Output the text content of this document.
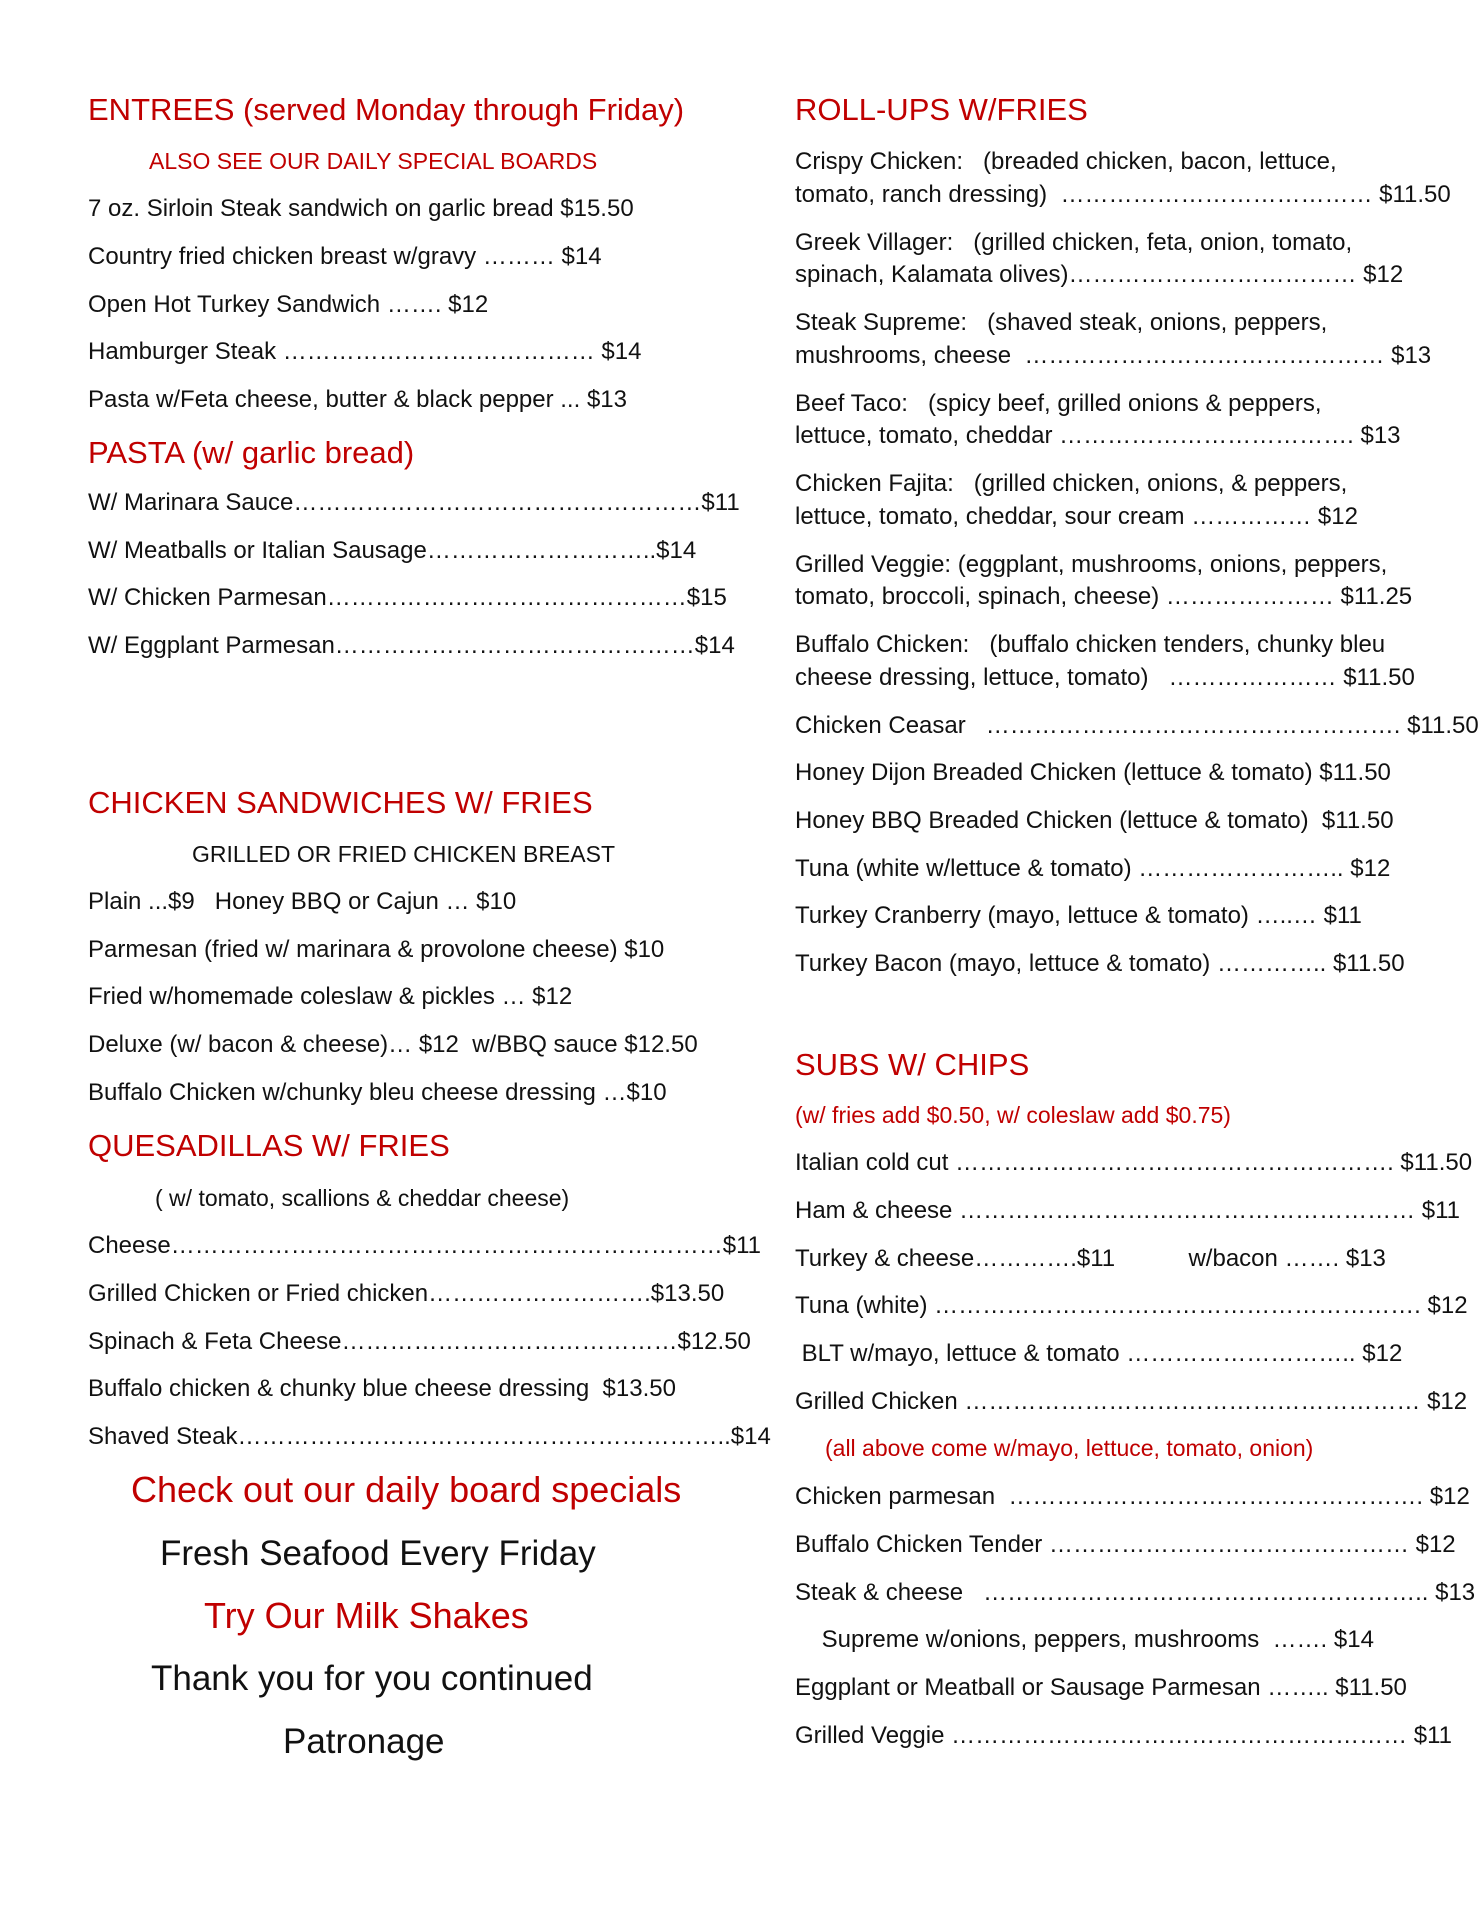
ENTREES (served Monday through Friday)
ALSO SEE OUR DAILY SPECIAL BOARDS
7 oz. Sirloin Steak sandwich on garlic bread $15.50
Country fried chicken breast w/gravy ……… $14
Open Hot Turkey Sandwich ……. $12
Hamburger Steak ………………………………… $14
Pasta w/Feta cheese, butter & black pepper ... $13
PASTA (w/ garlic bread)
W/ Marinara Sauce……………………………………………$11
W/ Meatballs or Italian Sausage………………………..$14
W/ Chicken Parmesan………………………………………$15
W/ Eggplant Parmesan………………………………………$14
CHICKEN SANDWICHES W/ FRIES
GRILLED OR FRIED CHICKEN BREAST
Plain ...$9   Honey BBQ or Cajun … $10
Parmesan (fried w/ marinara & provolone cheese) $10
Fried w/homemade coleslaw & pickles … $12
Deluxe (w/ bacon & cheese)… $12  w/BBQ sauce $12.50
Buffalo Chicken w/chunky bleu cheese dressing …$10
QUESADILLAS W/ FRIES
( w/ tomato, scallions & cheddar cheese)
Cheese……………………………………………………………$11
Grilled Chicken or Fried chicken……………………….$13.50
Spinach & Feta Cheese……………………………………$12.50
Buffalo chicken & chunky blue cheese dressing  $13.50
Shaved Steak……………………………………………………..$14
Check out our daily board specials
Fresh Seafood Every Friday
Try Our Milk Shakes
Thank you for you continued
Patronage
ROLL-UPS W/FRIES
Crispy Chicken:   (breaded chicken, bacon, lettuce,
tomato, ranch dressing)  ………………………………… $11.50
Greek Villager:   (grilled chicken, feta, onion, tomato,
spinach, Kalamata olives)……………………………… $12
Steak Supreme:   (shaved steak, onions, peppers,
mushrooms, cheese  ……………………………………… $13
Beef Taco:   (spicy beef, grilled onions & peppers,
lettuce, tomato, cheddar ………………………………. $13
Chicken Fajita:   (grilled chicken, onions, & peppers,
lettuce, tomato, cheddar, sour cream …………… $12
Grilled Veggie: (eggplant, mushrooms, onions, peppers,
tomato, broccoli, spinach, cheese) ………………… $11.25
Buffalo Chicken:   (buffalo chicken tenders, chunky bleu
cheese dressing, lettuce, tomato)   ………………… $11.50
Chicken Ceasar   ……………………………………………. $11.50
Honey Dijon Breaded Chicken (lettuce & tomato) $11.50
Honey BBQ Breaded Chicken (lettuce & tomato)  $11.50
Tuna (white w/lettuce & tomato) …………………….. $12
Turkey Cranberry (mayo, lettuce & tomato) …..… $11
Turkey Bacon (mayo, lettuce & tomato) ………….. $11.50
SUBS W/ CHIPS
(w/ fries add $0.50, w/ coleslaw add $0.75)
Italian cold cut ………………………………………………. $11.50
Ham & cheese ………………………………………………… $11
Turkey & cheese………….$11           w/bacon ……. $13
Tuna (white) ……………………………………………………. $12
BLT w/mayo, lettuce & tomato ……………………….. $12
Grilled Chicken ………………………………………………… $12
(all above come w/mayo, lettuce, tomato, onion)
Chicken parmesan  ……………………………………………. $12
Buffalo Chicken Tender ……………………………………… $12
Steak & cheese   ……………………………………………….. $13
Supreme w/onions, peppers, mushrooms  ……. $14
Eggplant or Meatball or Sausage Parmesan …….. $11.50
Grilled Veggie ………………………………………………… $11
